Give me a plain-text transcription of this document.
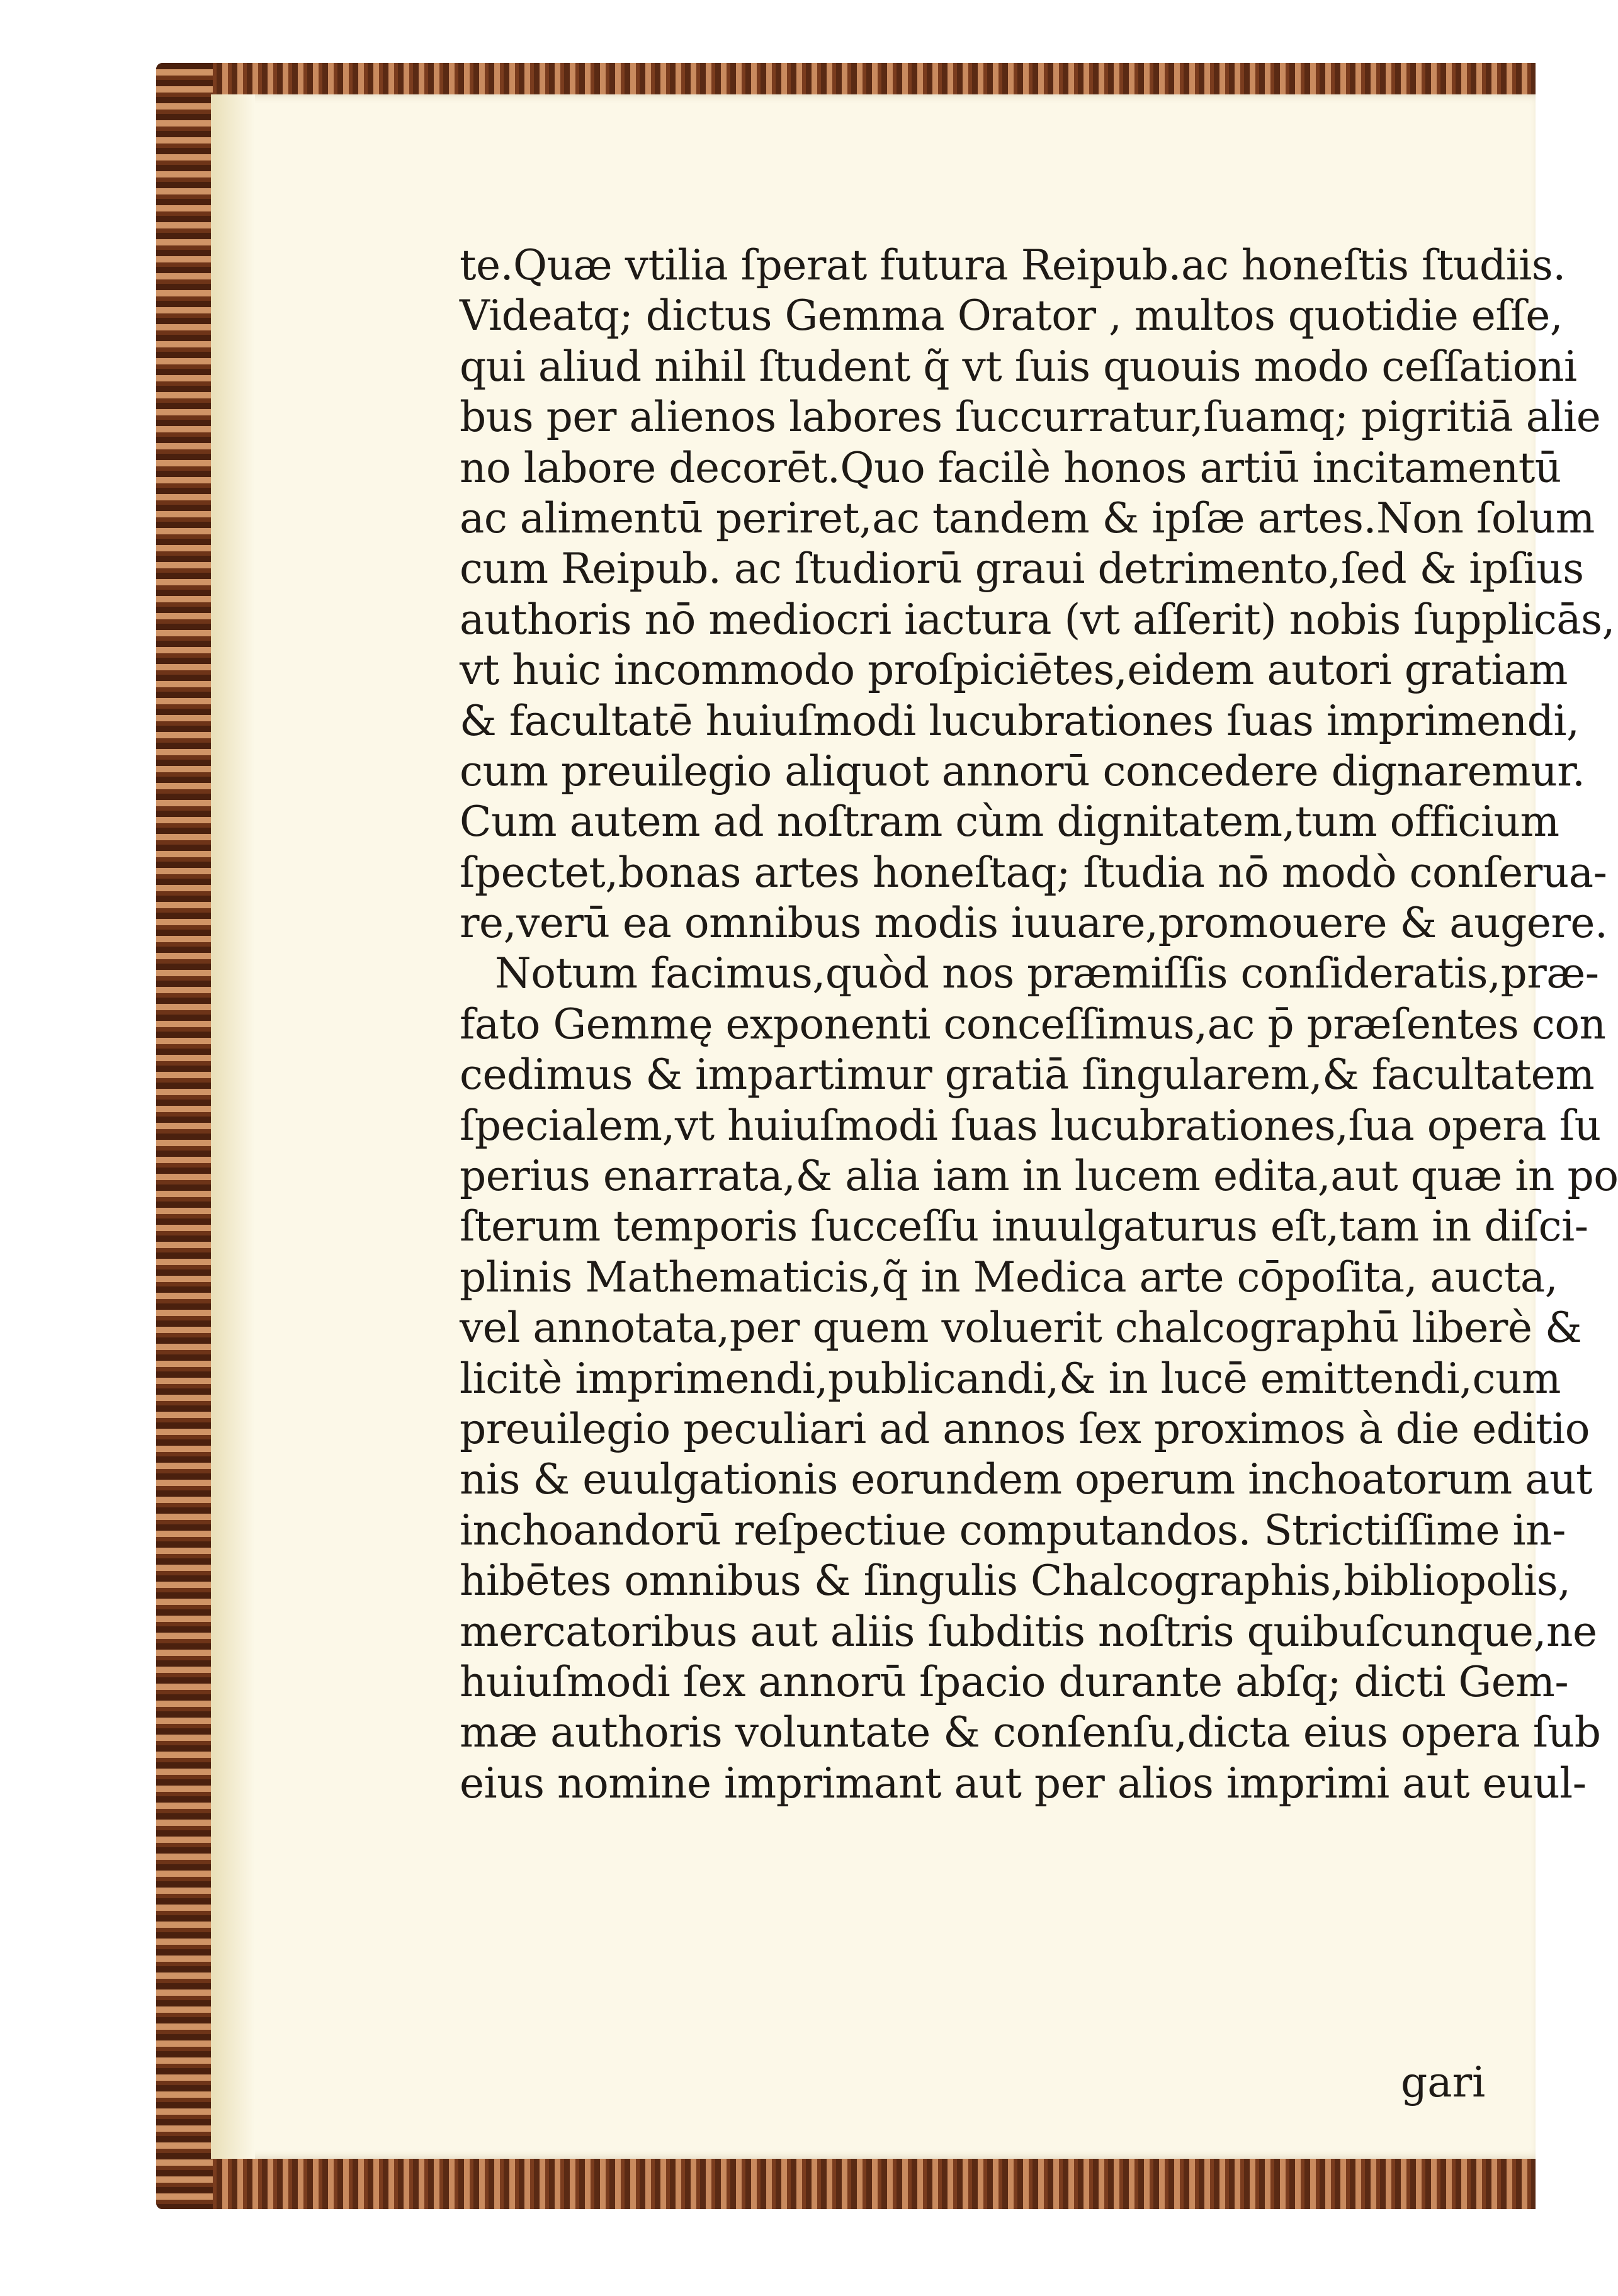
te.Quæ vtilia ſperat futura Reipub.ac honeſtis ſtudiis.
Videatq; dictus Gemma Orator , multos quotidie eſſe,
qui aliud nihil ſtudent q̃ vt ſuis quouis modo ceſſationi
bus per alienos labores ſuccurratur,ſuamq; pigritiā alie
no labore decorēt.Quo facilè honos artiū incitamentū
ac alimentū periret,ac tandem & ipſæ artes.Non ſolum
cum Reipub. ac ſtudiorū graui detrimento,ſed & ipſius
authoris nō mediocri iactura (vt aſſerit) nobis ſupplicās,
vt huic incommodo proſpiciētes,eidem autori gratiam
& facultatē huiuſmodi lucubrationes ſuas imprimendi,
cum preuilegio aliquot annorū concedere dignaremur.
Cum autem ad noſtram cùm dignitatem,tum officium
ſpectet,bonas artes honeſtaq; ſtudia nō modò conſerua-
re,verū ea omnibus modis iuuare,promouere & augere.
Notum facimus,quòd nos præmiſſis conſideratis,præ-
fato Gemmę exponenti conceſſimus,ac p̄ præſentes con
cedimus & impartimur gratiā ſingularem,& facultatem
ſpecialem,vt huiuſmodi ſuas lucubrationes,ſua opera ſu
perius enarrata,& alia iam in lucem edita,aut quæ in po
ſterum temporis ſucceſſu inuulgaturus eſt,tam in diſci-
plinis Mathematicis,q̃ in Medica arte cōpoſita, aucta,
vel annotata,per quem voluerit chalcographū liberè &
licitè imprimendi,publicandi,& in lucē emittendi,cum
preuilegio peculiari ad annos ſex proximos à die editio
nis & euulgationis eorundem operum inchoatorum aut
inchoandorū reſpectiue computandos. Strictiſſime in-
hibētes omnibus & ſingulis Chalcographis,bibliopolis,
mercatoribus aut aliis ſubditis noſtris quibuſcunque,ne
huiuſmodi ſex annorū ſpacio durante abſq; dicti Gem-
mæ authoris voluntate & conſenſu,dicta eius opera ſub
eius nomine imprimant aut per alios imprimi aut euul-
gari
